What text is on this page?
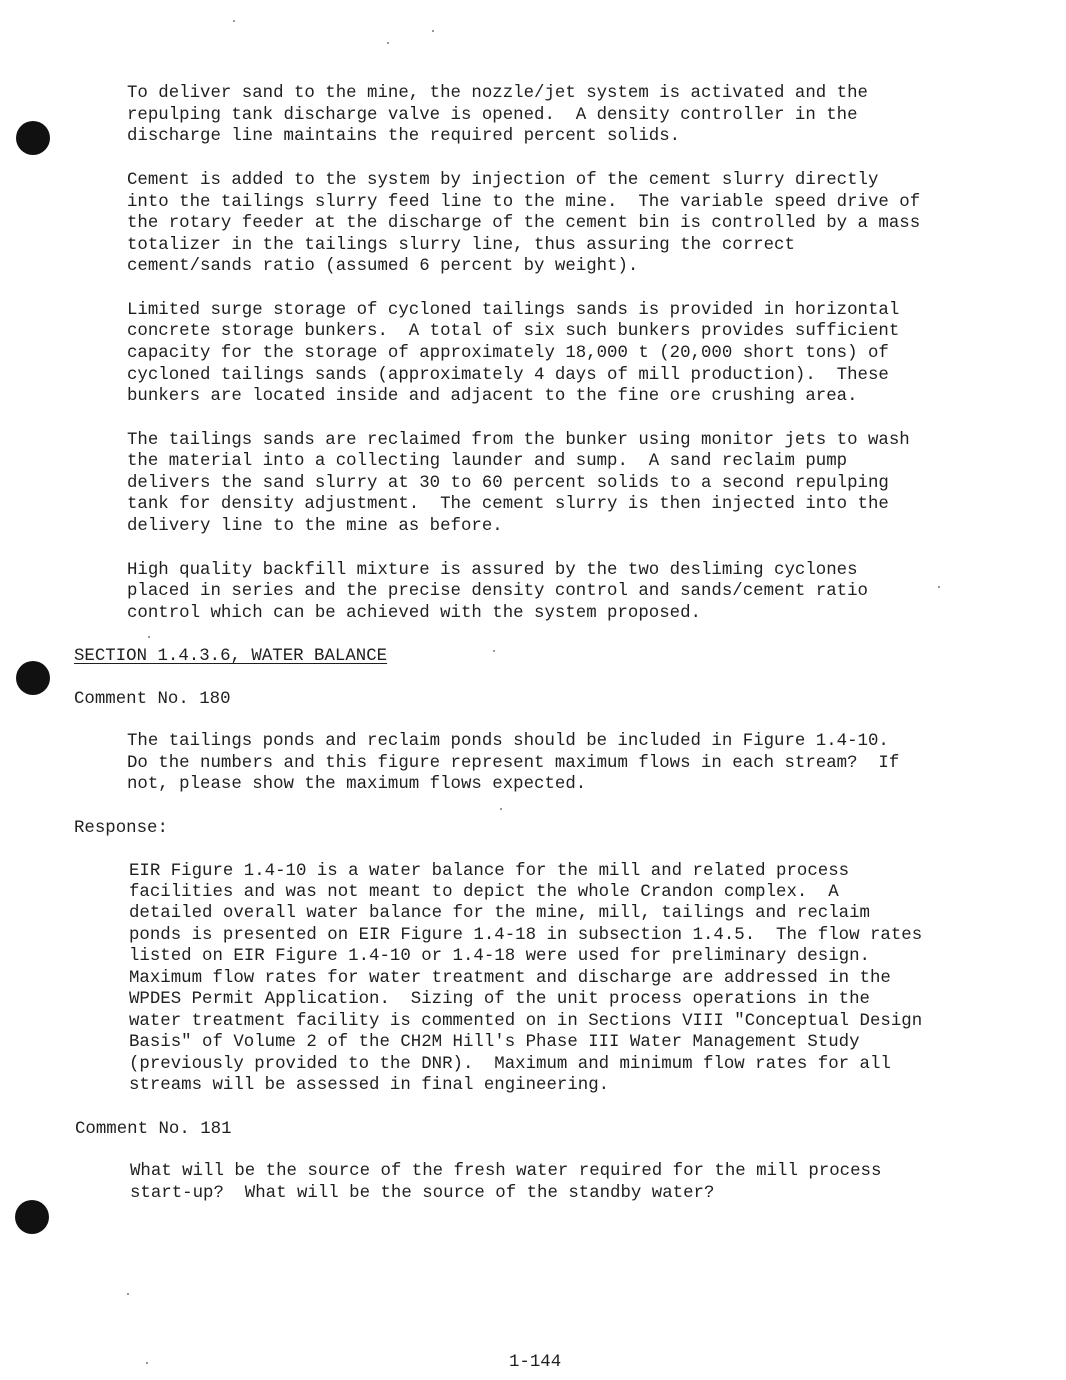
To deliver sand to the mine, the nozzle/jet system is activated and the
repulping tank discharge valve is opened.  A density controller in the
discharge line maintains the required percent solids.
Cement is added to the system by injection of the cement slurry directly
into the tailings slurry feed line to the mine.  The variable speed drive of
the rotary feeder at the discharge of the cement bin is controlled by a mass
totalizer in the tailings slurry line, thus assuring the correct
cement/sands ratio (assumed 6 percent by weight).
Limited surge storage of cycloned tailings sands is provided in horizontal
concrete storage bunkers.  A total of six such bunkers provides sufficient
capacity for the storage of approximately 18,000 t (20,000 short tons) of
cycloned tailings sands (approximately 4 days of mill production).  These
bunkers are located inside and adjacent to the fine ore crushing area.
The tailings sands are reclaimed from the bunker using monitor jets to wash
the material into a collecting launder and sump.  A sand reclaim pump
delivers the sand slurry at 30 to 60 percent solids to a second repulping
tank for density adjustment.  The cement slurry is then injected into the
delivery line to the mine as before.
High quality backfill mixture is assured by the two desliming cyclones
placed in series and the precise density control and sands/cement ratio
control which can be achieved with the system proposed.
SECTION 1.4.3.6, WATER BALANCE
Comment No. 180
The tailings ponds and reclaim ponds should be included in Figure 1.4-10.
Do the numbers and this figure represent maximum flows in each stream?  If
not, please show the maximum flows expected.
Response:
EIR Figure 1.4-10 is a water balance for the mill and related process
facilities and was not meant to depict the whole Crandon complex.  A
detailed overall water balance for the mine, mill, tailings and reclaim
ponds is presented on EIR Figure 1.4-18 in subsection 1.4.5.  The flow rates
listed on EIR Figure 1.4-10 or 1.4-18 were used for preliminary design.
Maximum flow rates for water treatment and discharge are addressed in the
WPDES Permit Application.  Sizing of the unit process operations in the
water treatment facility is commented on in Sections VIII "Conceptual Design
Basis" of Volume 2 of the CH2M Hill's Phase III Water Management Study
(previously provided to the DNR).  Maximum and minimum flow rates for all
streams will be assessed in final engineering.
Comment No. 181
What will be the source of the fresh water required for the mill process
start-up?  What will be the source of the standby water?
1-144
